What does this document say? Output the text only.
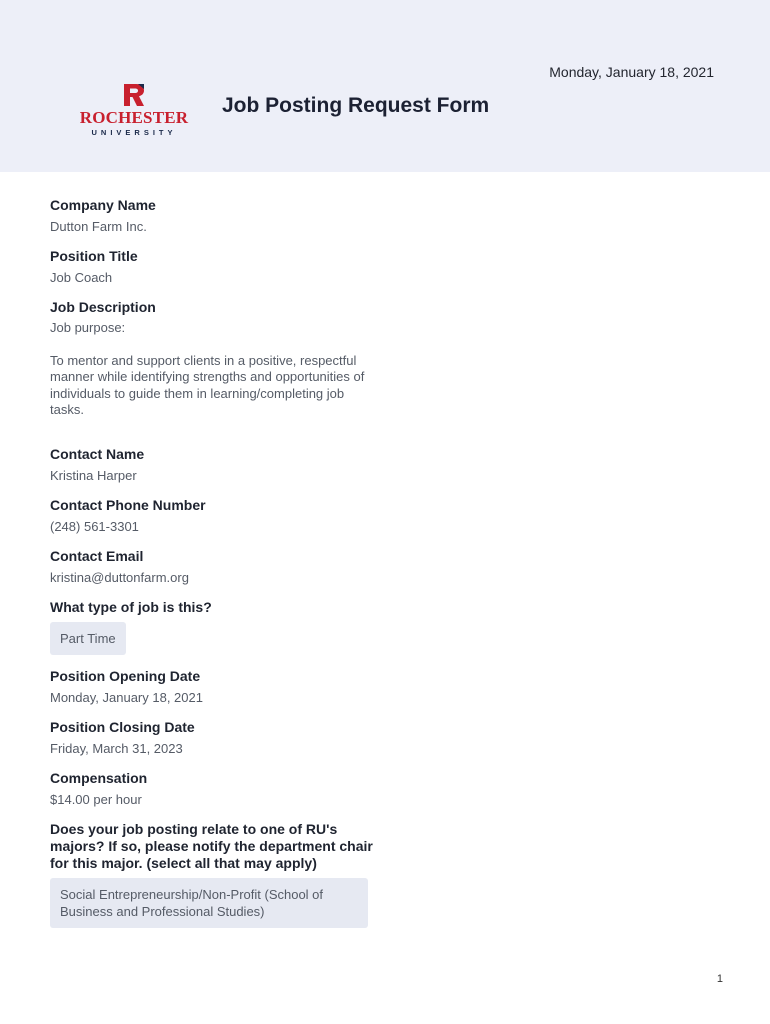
Monday, January 18, 2021
ROCHESTER
UNIVERSITY
Job Posting Request Form
Company Name
Dutton Farm Inc.
Position Title
Job Coach
Job Description
Job purpose:
To mentor and support clients in a positive, respectful manner while identifying strengths and opportunities of individuals to guide them in learning/completing job tasks.
Contact Name
Kristina Harper
Contact Phone Number
(248) 561-3301
Contact Email
kristina@duttonfarm.org
What type of job is this?
Part Time
Position Opening Date
Monday, January 18, 2021
Position Closing Date
Friday, March 31, 2023
Compensation
$14.00 per hour
Does your job posting relate to one of RU's majors? If so, please notify the department chair for this major. (select all that may apply)
Social Entrepreneurship/Non-Profit (School of Business and Professional Studies)
1
